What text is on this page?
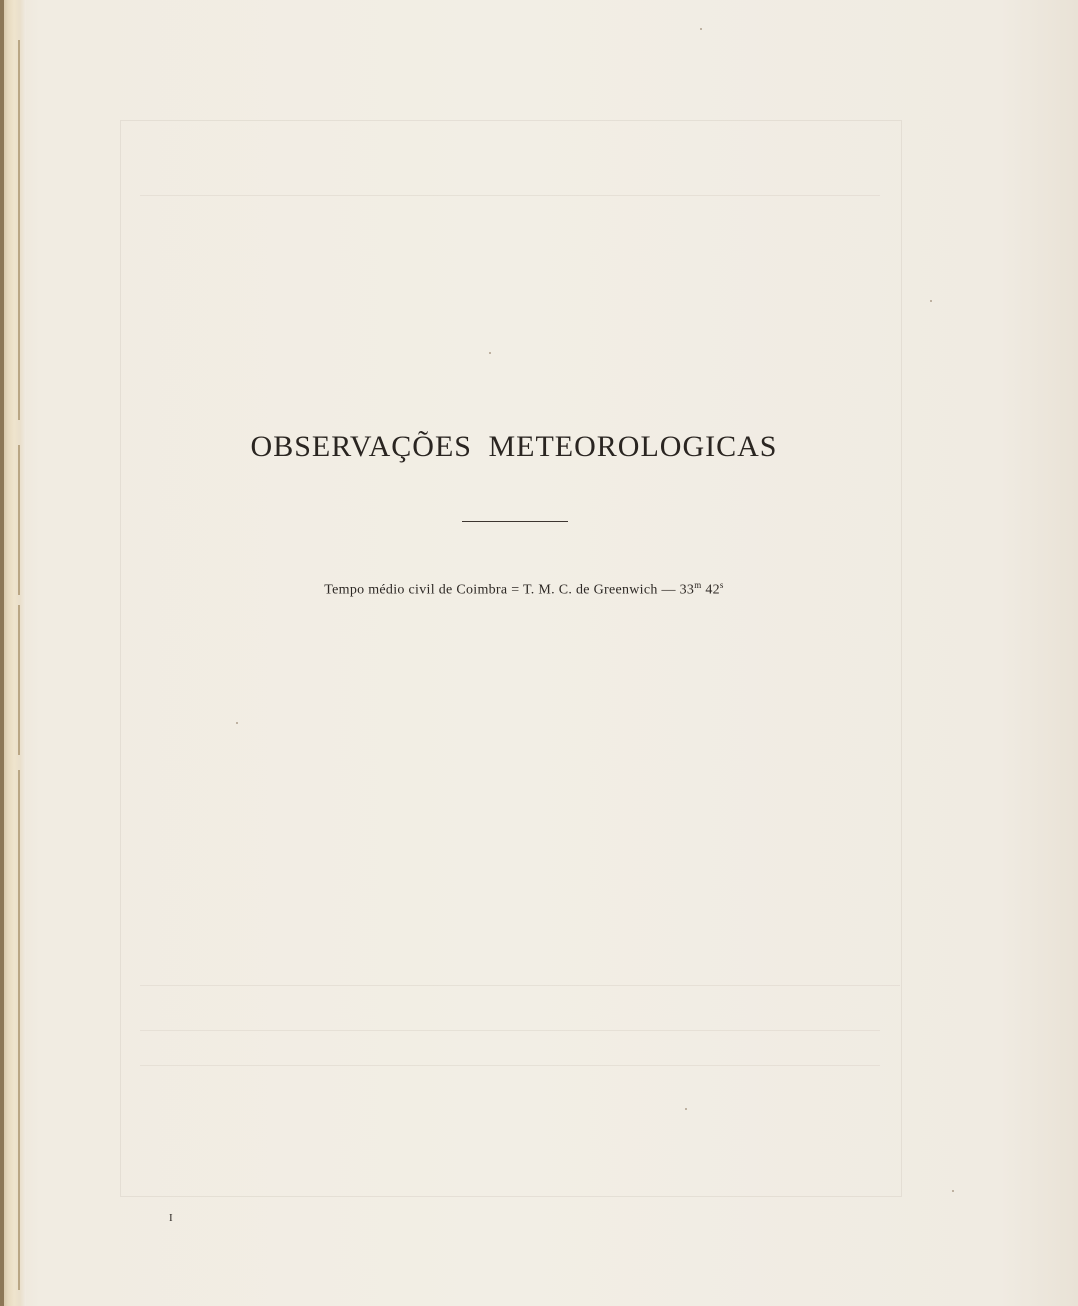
OBSERVAÇÕES METEOROLOGICAS
Tempo médio civil de Coimbra = T. M. C. de Greenwich — 33$^m$ 42$^s$
I
